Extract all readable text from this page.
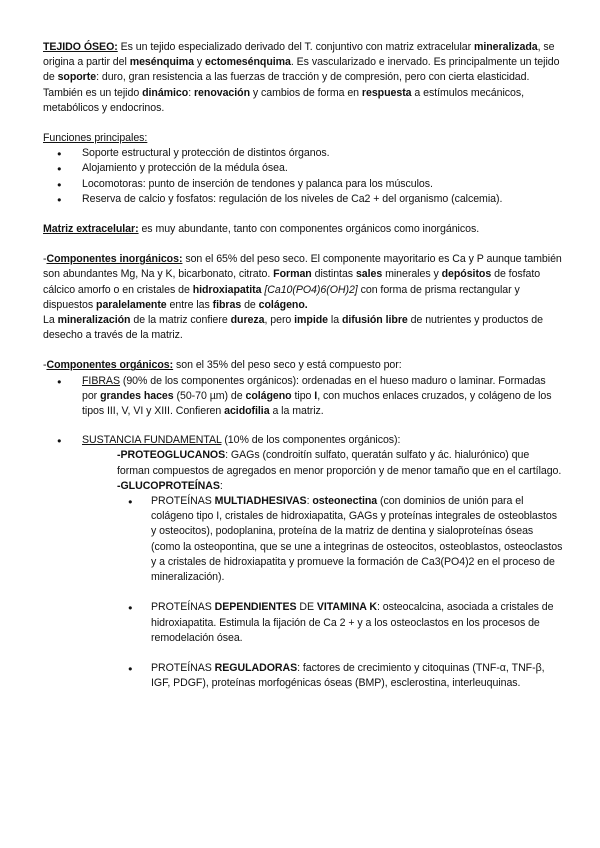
TEJIDO ÓSEO: Es un tejido especializado derivado del T. conjuntivo con matriz extracelular mineralizada, se origina a partir del mesénquima y ectomesénquima. Es vascularizado e inervado. Es principalmente un tejido de soporte: duro, gran resistencia a las fuerzas de tracción y de compresión, pero con cierta elasticidad. También es un tejido dinámico: renovación y cambios de forma en respuesta a estímulos mecánicos, metabólicos y endocrinos.

Funciones principales:

● Soporte estructural y protección de distintos órganos.
● Alojamiento y protección de la médula ósea.
● Locomotoras: punto de inserción de tendones y palanca para los músculos.
● Reserva de calcio y fosfatos: regulación de los niveles de Ca2 + del organismo (calcemia).

Matriz extracelular: es muy abundante, tanto con componentes orgánicos como inorgánicos.

-Componentes inorgánicos: son el 65% del peso seco. El componente mayoritario es Ca y P aunque también son abundantes Mg, Na y K, bicarbonato, citrato. Forman distintas sales minerales y depósitos de fosfato cálcico amorfo o en cristales de hidroxiapatita [Ca10(PO4)6(OH)2] con forma de prisma rectangular y dispuestos paralelamente entre las fibras de colágeno.

La mineralización de la matriz confiere dureza, pero impide la difusión libre de nutrientes y productos de desecho a través de la matriz.

-Componentes orgánicos: son el 35% del peso seco y está compuesto por:

● FIBRAS (90% de los componentes orgánicos): ordenadas en el hueso maduro o laminar. Formadas por grandes haces (50-70 µm) de colágeno tipo I, con muchos enlaces cruzados, y colágeno de los tipos III, V, VI y XIII. Confieren acidofilia a la matriz.
● SUSTANCIA FUNDAMENTAL (10% de los componentes orgánicos):

-PROTEOGLUCANOS: GAGs (condroitín sulfato, queratán sulfato y ác. hialurónico) que forman compuestos de agregados en menor proporción y de menor tamaño que en el cartílago.

-GLUCOPROTEÍNAS:

● PROTEÍNAS MULTIADHESIVAS: osteonectina (con dominios de unión para el colágeno tipo I, cristales de hidroxiapatita, GAGs y proteínas integrales de osteoblastos y osteocitos), podoplanina, proteína de la matriz de dentina y sialoproteínas óseas (como la osteopontina, que se une a integrinas de osteocitos, osteoblastos, osteoclastos y a cristales de hidroxiapatita y promueve la formación de Ca3(PO4)2 en el proceso de mineralización).
● PROTEÍNAS DEPENDIENTES DE VITAMINA K: osteocalcina, asociada a cristales de hidroxiapatita. Estimula la fijación de Ca 2 + y a los osteoclastos en los procesos de remodelación ósea.
● PROTEÍNAS REGULADORAS: factores de crecimiento y citoquinas (TNF-α, TNF-β, IGF, PDGF), proteínas morfogénicas óseas (BMP), esclerostina, interleuquinas.
